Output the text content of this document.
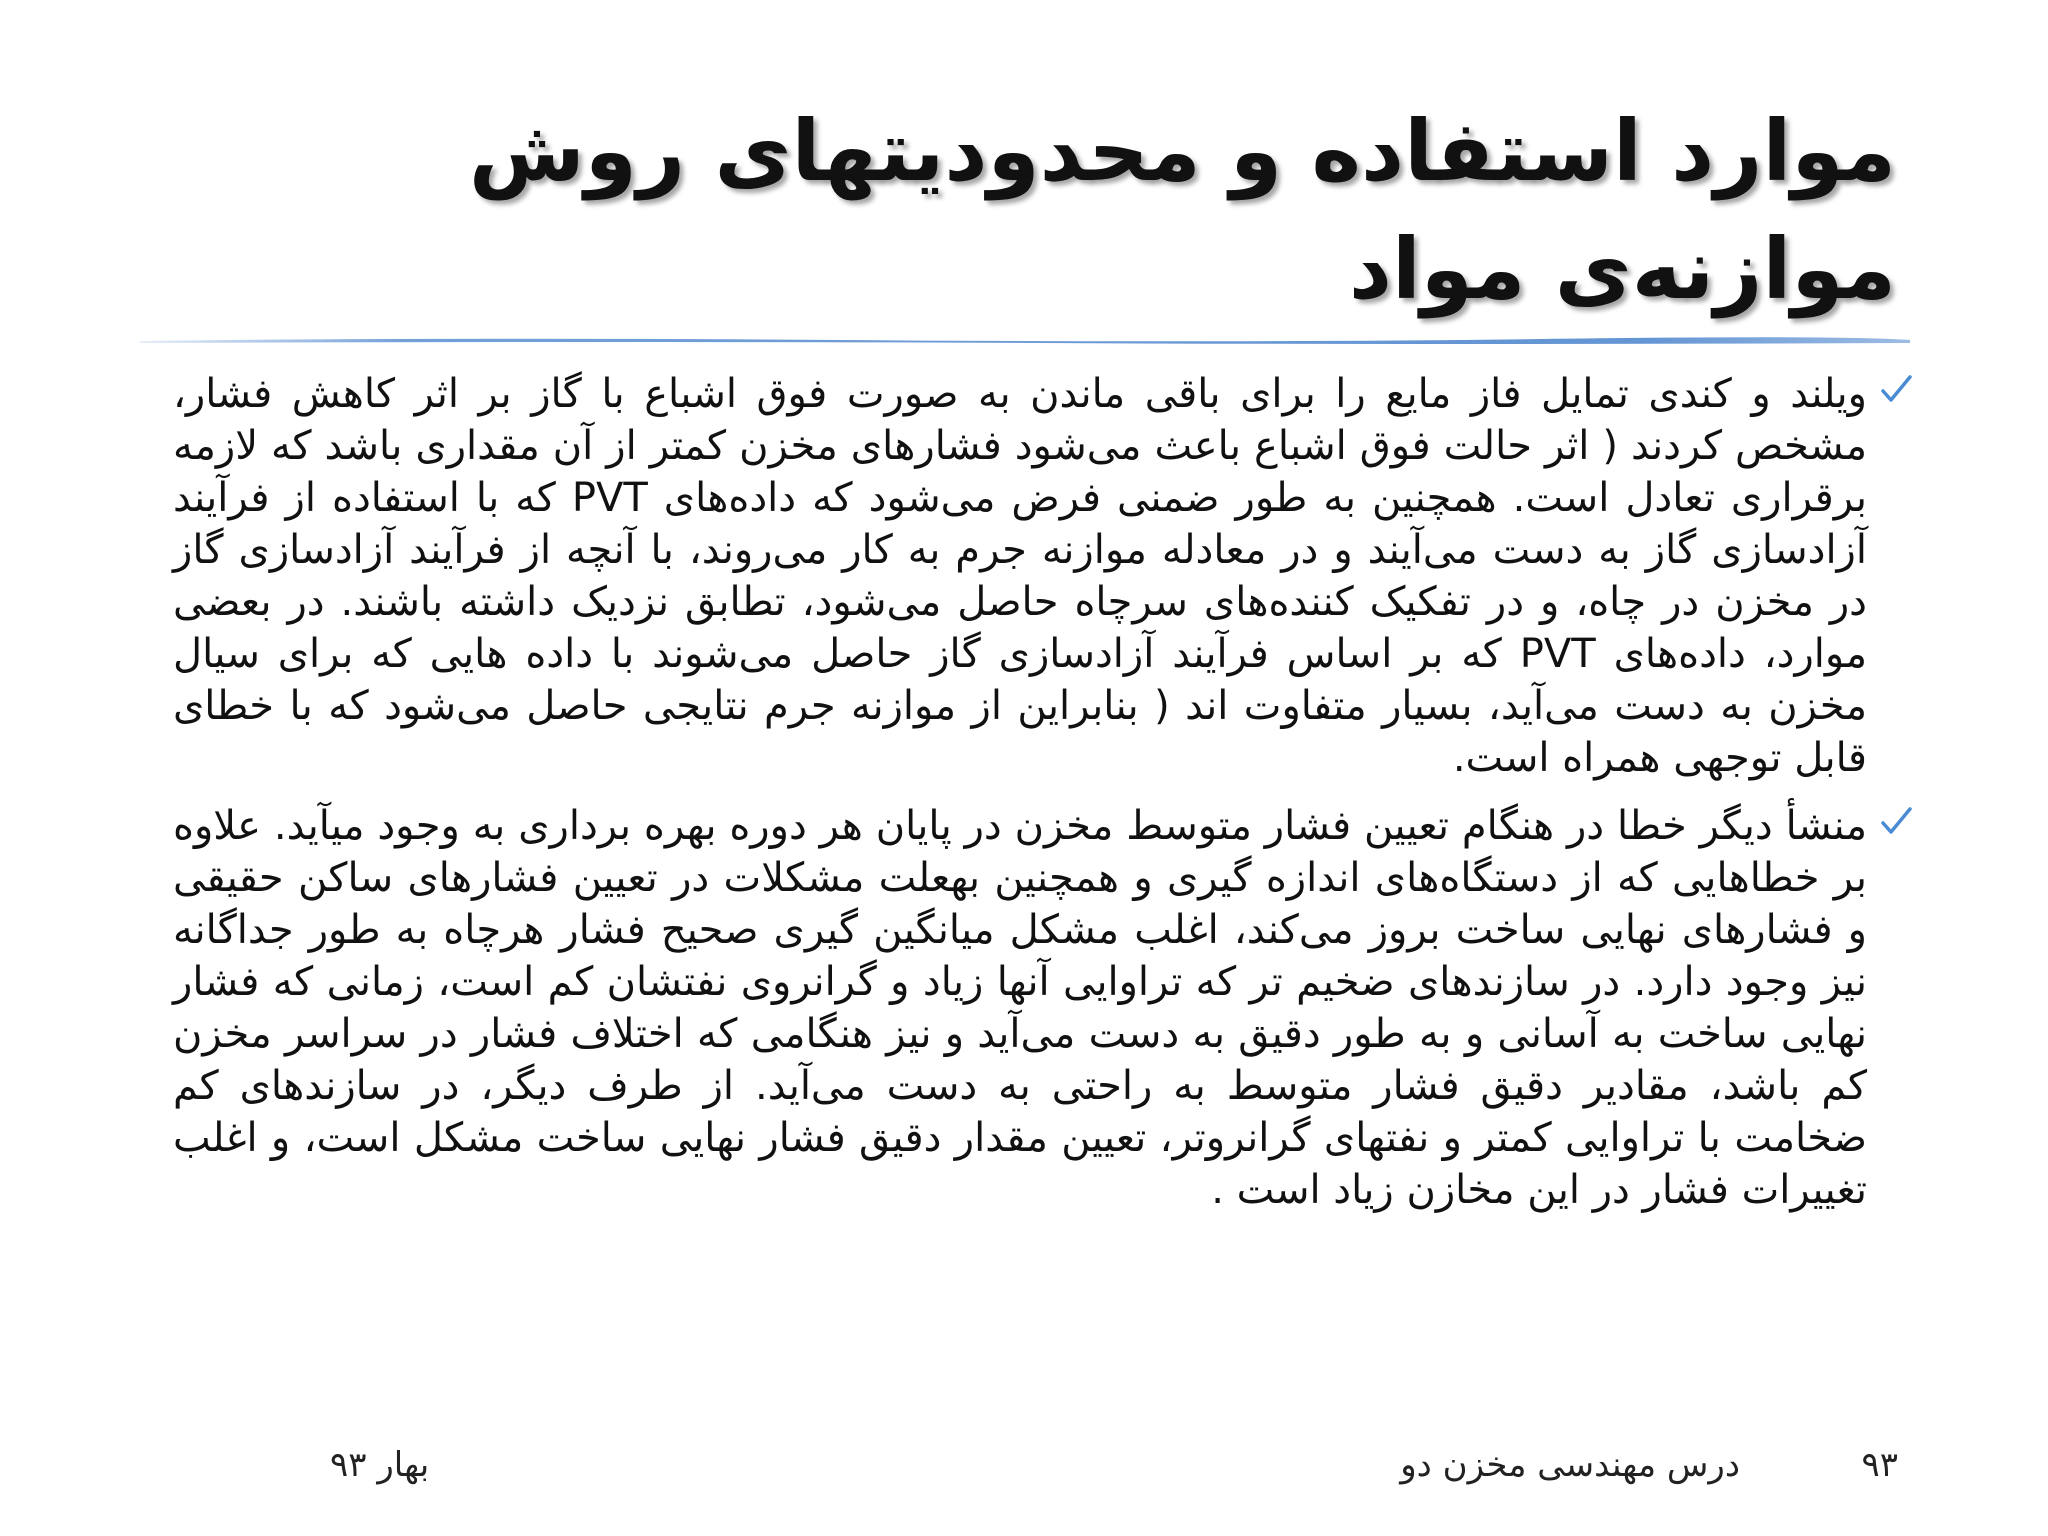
موارد استفاده و محدودیتهای روش
موازنه‌ی مواد

ویلند و کندی تمایل فاز مایع را برای باقی ماندن به صورت فوق اشباع با گاز بر اثر کاهش فشار، مشخص کردند ( اثر حالت فوق اشباع باعث می‌شود فشارهای مخزن کمتر از آن مقداری باشد که لازمه برقراری تعادل است. همچنین به طور ضمنی فرض می‌شود که داده‌های PVT که با استفاده از فرآیند آزادسازی گاز به دست می‌آیند و در معادله موازنه جرم به کار می‌روند، با آنچه از فرآیند آزادسازی گاز در مخزن در چاه، و در تفکیک کننده‌های سرچاه حاصل می‌شود، تطابق نزدیک داشته باشند. در بعضی موارد، داده‌های PVT که بر اساس فرآیند آزادسازی گاز حاصل می‌شوند با داده هایی که برای سیال مخزن به دست می‌آید، بسیار متفاوت اند ( بنابراین از موازنه جرم نتایجی حاصل می‌شود که با خطای قابل توجهی همراه است.

منشأ دیگر خطا در هنگام تعیین فشار متوسط مخزن در پایان هر دوره بهره برداری به وجود میآید. علاوه بر خطاهایی که از دستگاه‌های اندازه گیری و همچنین بهعلت مشکلات در تعیین فشارهای ساکن حقیقی و فشارهای نهایی ساخت بروز می‌کند، اغلب مشکل میانگین گیری صحیح فشار هرچاه به طور جداگانه نیز وجود دارد. در سازندهای ضخیم تر که تراوایی آنها زیاد و گرانروی نفتشان کم است، زمانی که فشار نهایی ساخت به آسانی و به طور دقیق به دست می‌آید و نیز هنگامی که اختلاف فشار در سراسر مخزن کم باشد، مقادیر دقیق فشار متوسط به راحتی به دست می‌آید. از طرف دیگر، در سازندهای کم ضخامت با تراوایی کمتر و نفتهای گرانروتر، تعیین مقدار دقیق فشار نهایی ساخت مشکل است، و اغلب تغییرات فشار در این مخازن زیاد است .

۹۳
درس مهندسی مخزن دو
بهار ۹۳
